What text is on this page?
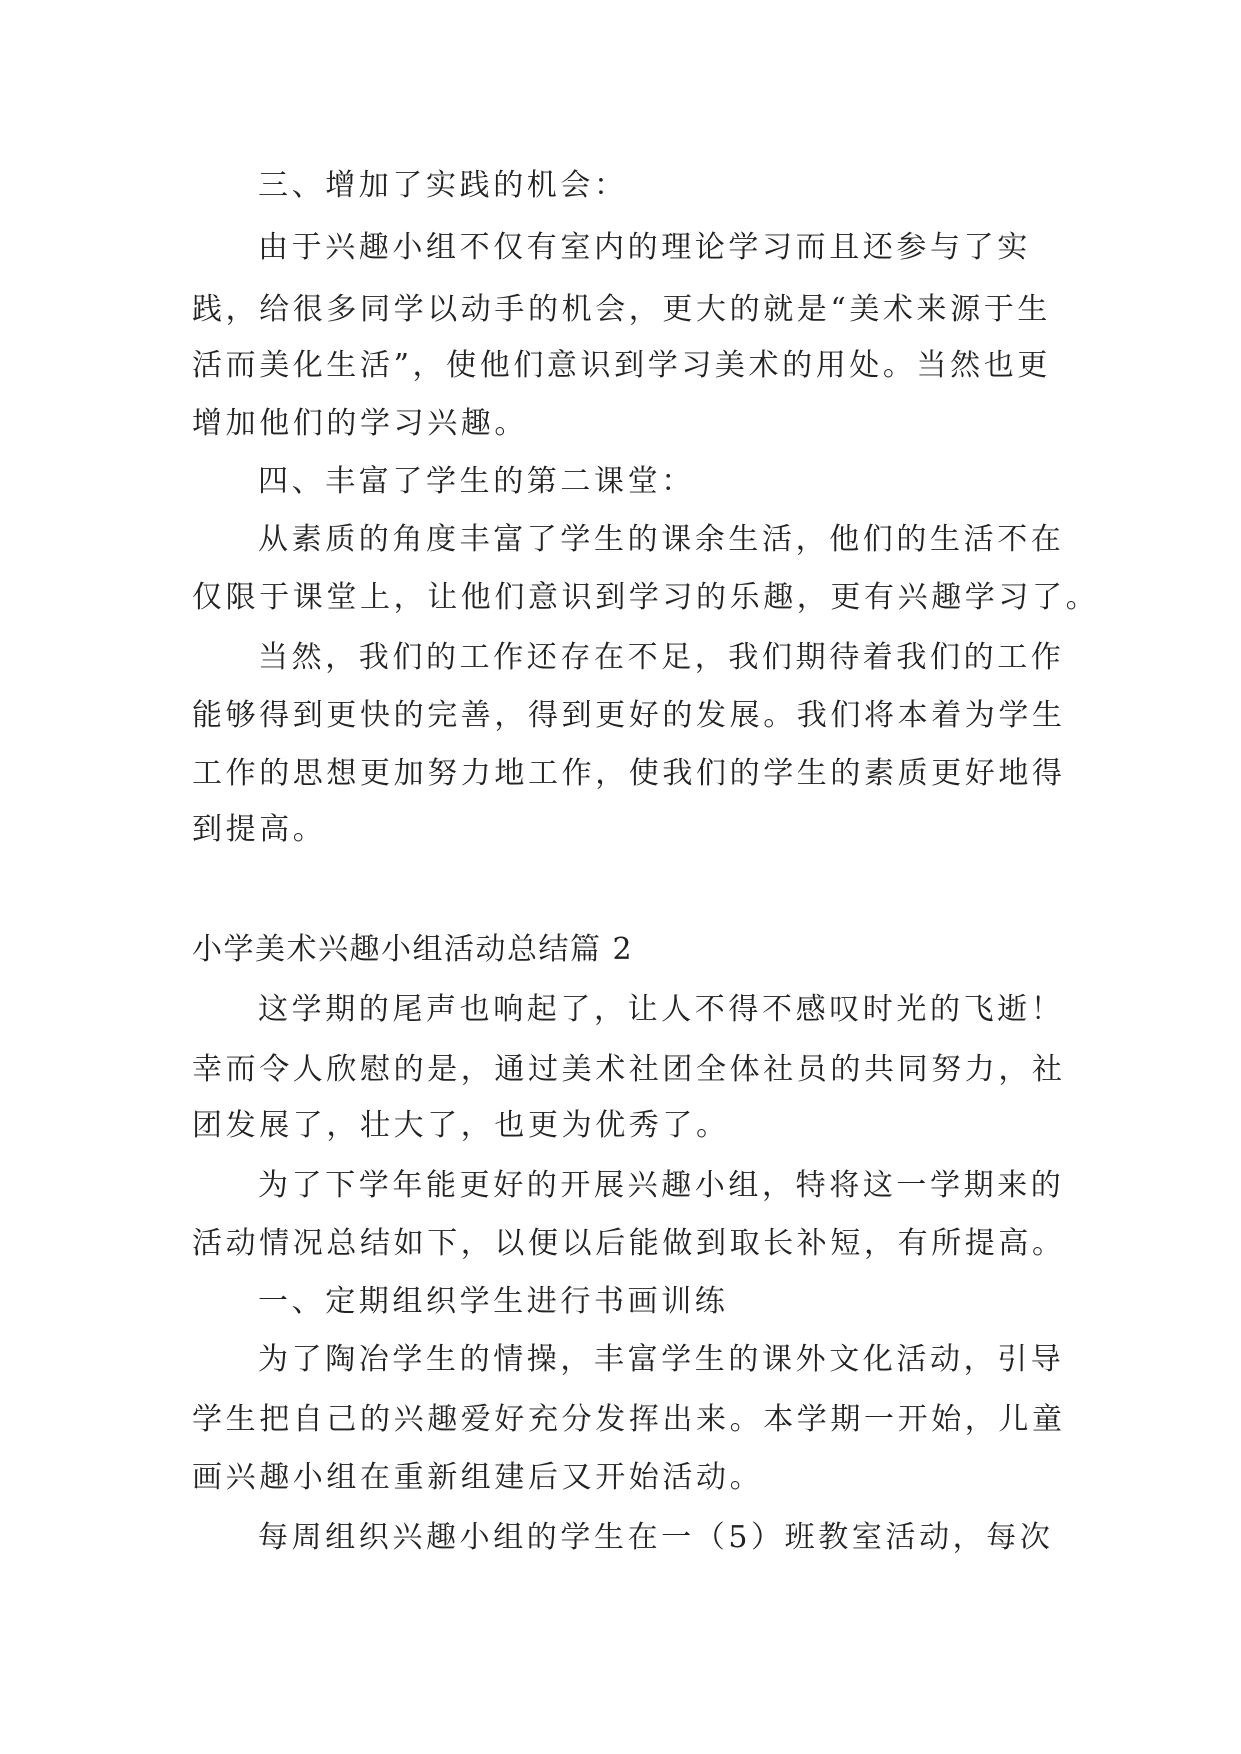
三、增加了实践的机会：
由于兴趣小组不仅有室内的理论学习而且还参与了实
践，给很多同学以动手的机会，更大的就是“美术来源于生
活而美化生活”，使他们意识到学习美术的用处。当然也更
增加他们的学习兴趣。
四、丰富了学生的第二课堂：
从素质的角度丰富了学生的课余生活，他们的生活不在
仅限于课堂上，让他们意识到学习的乐趣，更有兴趣学习了。
当然，我们的工作还存在不足，我们期待着我们的工作
能够得到更快的完善，得到更好的发展。我们将本着为学生
工作的思想更加努力地工作，使我们的学生的素质更好地得
到提高。
小学美术兴趣小组活动总结篇 2
这学期的尾声也响起了，让人不得不感叹时光的飞逝！
幸而令人欣慰的是，通过美术社团全体社员的共同努力，社
团发展了，壮大了，也更为优秀了。
为了下学年能更好的开展兴趣小组，特将这一学期来的
活动情况总结如下，以便以后能做到取长补短，有所提高。
一、定期组织学生进行书画训练
为了陶冶学生的情操，丰富学生的课外文化活动，引导
学生把自己的兴趣爱好充分发挥出来。本学期一开始，儿童
画兴趣小组在重新组建后又开始活动。
每周组织兴趣小组的学生在一（5）班教室活动，每次
